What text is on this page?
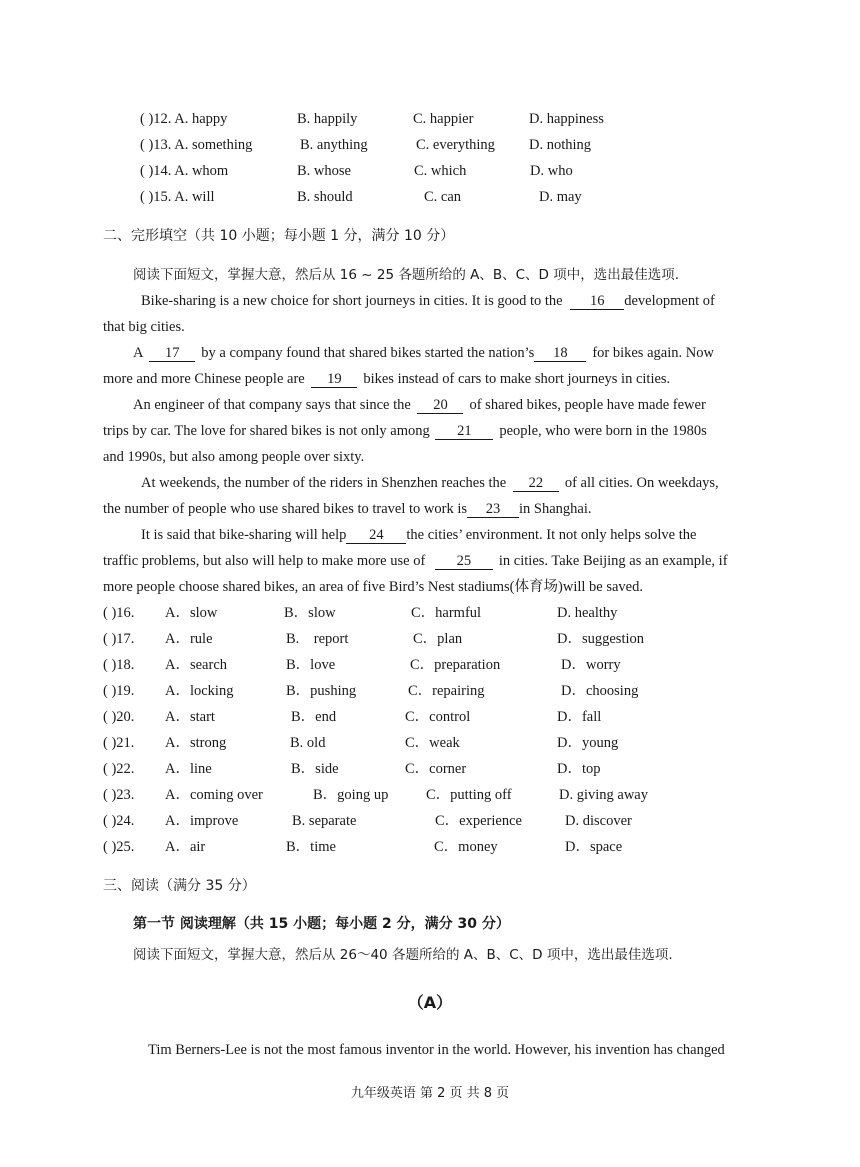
( )12. A. happy	B. happily	C. happier	D. happiness
( )13. A. something	B. anything	C. everything D. nothing
( )14. A. whom	B. whose	C. which	D. who
( )15. A. will	B. should	C. can	D. may
二、完形填空（共 10 小题；每小题 1 分，满分 10 分）
阅读下面短文，掌握大意，然后从 16 ~ 25 各题所给的 A、B、C、D 项中，选出最佳选项.
Bike-sharing is a new choice for short journeys in cities. It is good to the 16 development of
that big cities.
A 17 by a company found that shared bikes started the nation’s 18 for bikes again. Now
more and more Chinese people are 19 bikes instead of cars to make short journeys in cities.
An engineer of that company says that since the 20 of shared bikes, people have made fewer
trips by car. The love for shared bikes is not only among 21 people, who were born in the 1980s
and 1990s, but also among people over sixty.
At weekends, the number of the riders in Shenzhen reaches the 22 of all cities. On weekdays,
the number of people who use shared bikes to travel to work is 23 in Shanghai.
It is said that bike-sharing will help 24 the cities’ environment. It not only helps solve the
traffic problems, but also will help to make more use of 25 in cities. Take Beijing as an example, if
more people choose shared bikes, an area of five Bird’s Nest stadiums(体育场)will be saved.
( )16. A．slow	B．slow	C．harmful	D. healthy
( )17. A．rule	B.    report	C．plan	D．suggestion
( )18. A．search	B．love	C．preparation	D．worry
( )19. A．locking	B．pushing	C．repairing	D．choosing
( )20. A．start	B．end	C．control	D．fall
( )21. A．strong	B. old	C．weak	D．young
( )22. A．line	B．side	C．corner	D．top
( )23. A．coming over	B．going up	C．putting off	D. giving away
( )24. A．improve	B. separate	C．experience	D. discover
( )25. A．air	B．time	C．money	D．space
三、阅读（满分 35 分）
第一节 阅读理解（共 15 小题；每小题 2 分，满分 30 分）
阅读下面短文，掌握大意，然后从 26～40 各题所给的 A、B、C、D 项中，选出最佳选项.
（A）
Tim Berners-Lee is not the most famous inventor in the world. However, his invention has changed
九年级英语 第 2 页 共 8 页
